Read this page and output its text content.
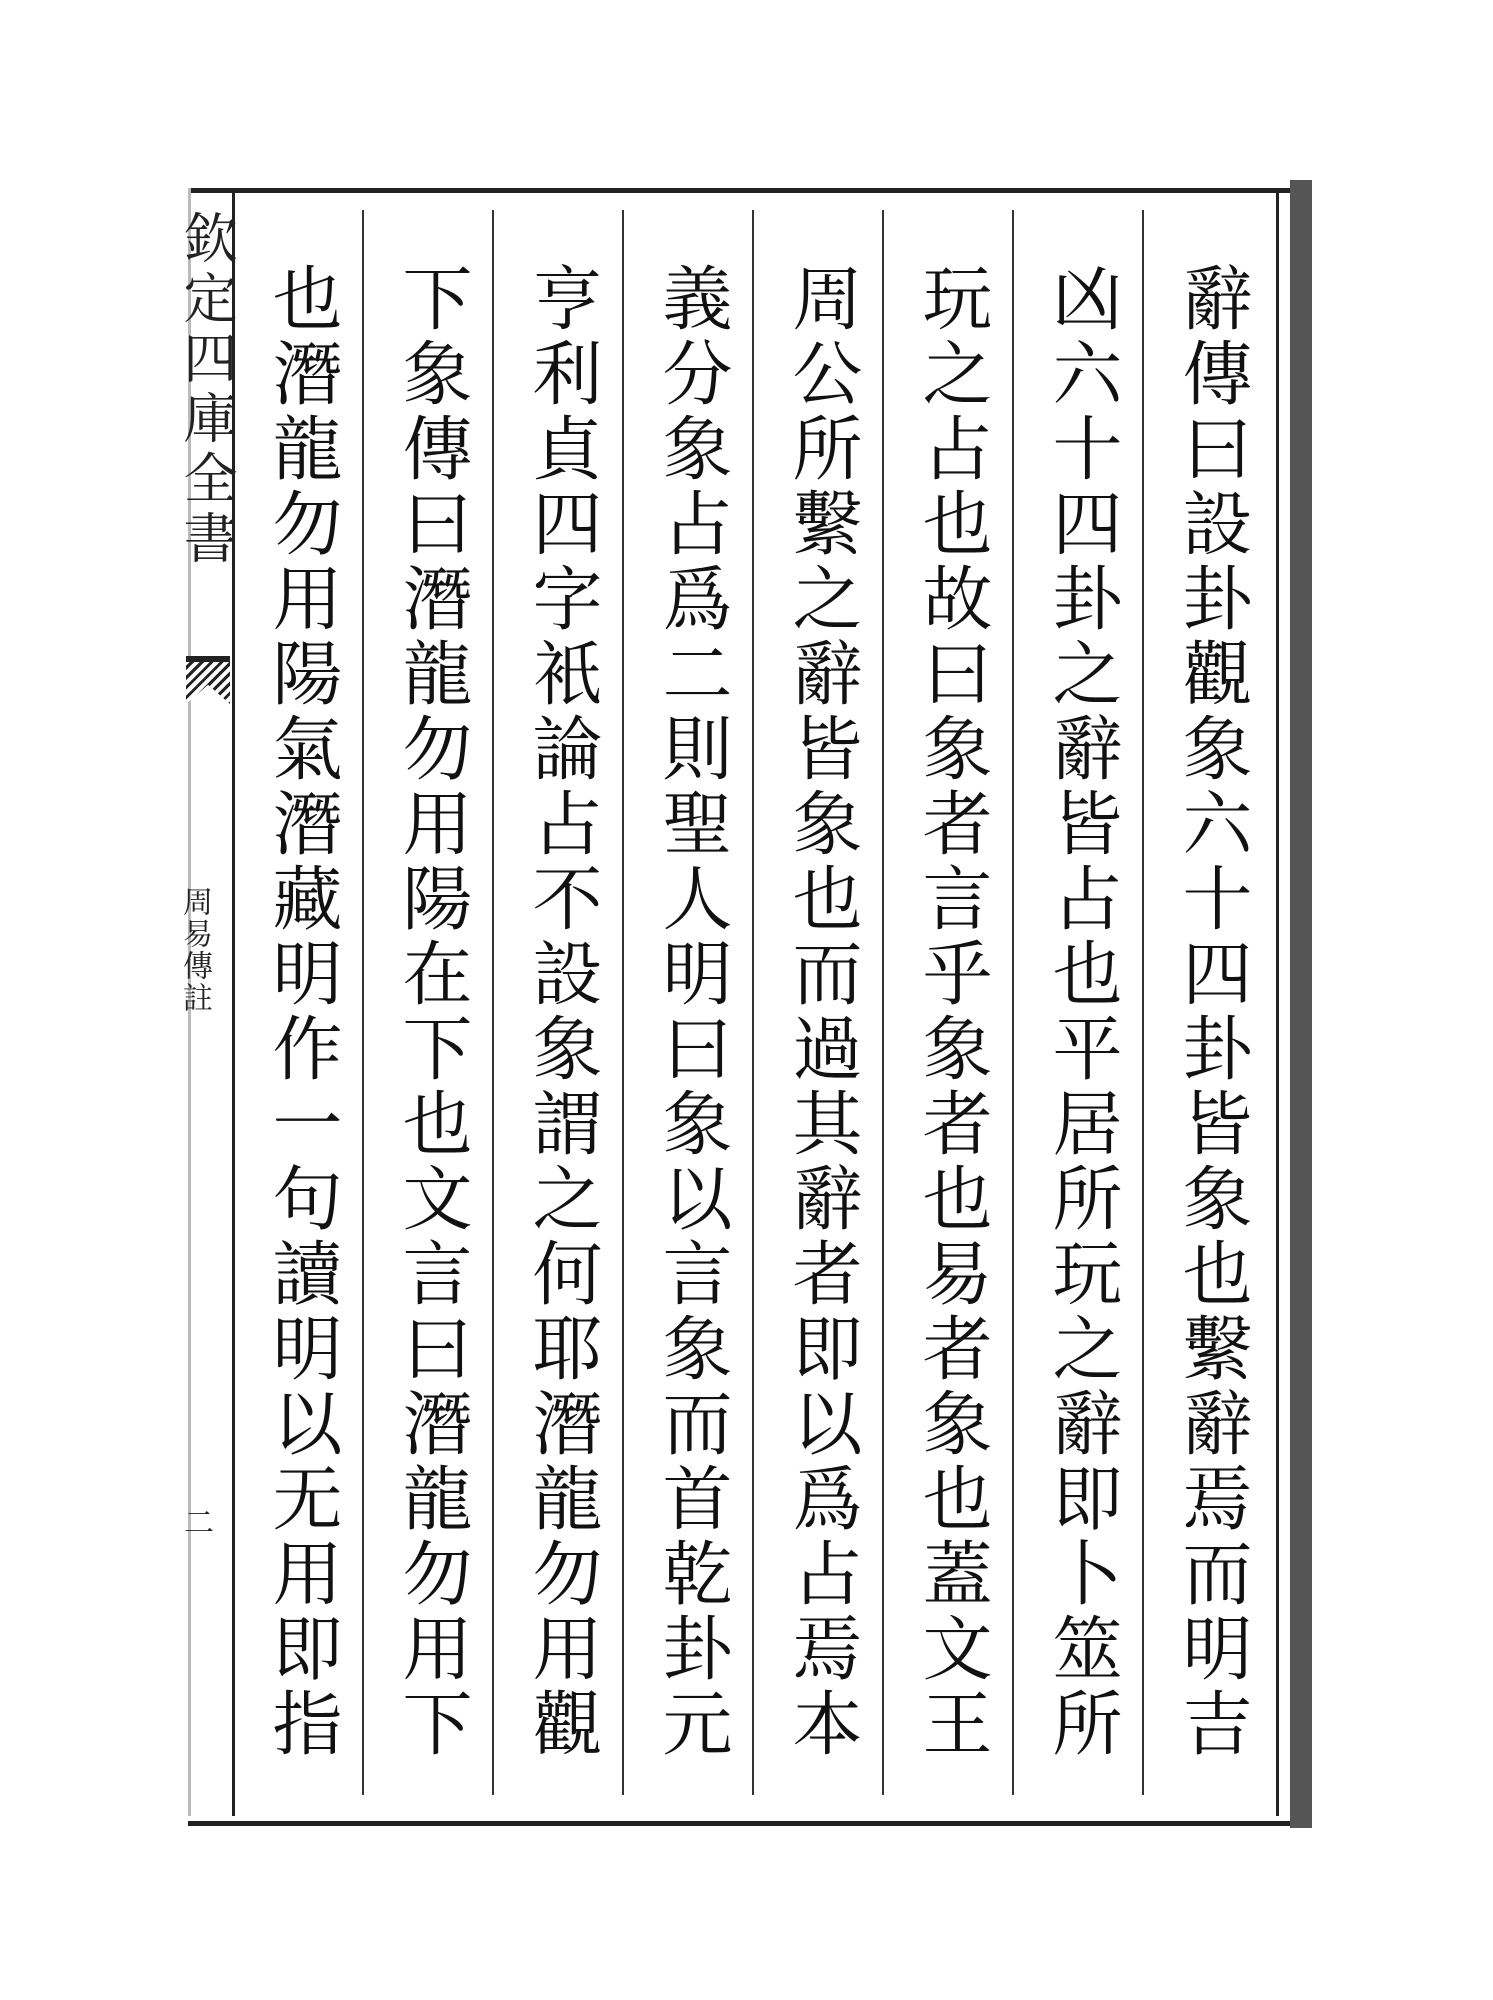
欽定四庫全書
周易傳註
二	辭傳曰設卦觀象六十四卦皆象也繫辭焉而明吉
凶六十四卦之辭皆占也平居所玩之辭即卜筮所
玩之占也故曰象者言乎象者也易者象也蓋文王
周公所繫之辭皆象也而過其辭者即以爲占焉本
義分象占爲二則聖人明曰象以言象而首乾卦元
亨利貞四字衹論占不設象謂之何耶潛龍勿用觀
下象傳曰潛龍勿用陽在下也文言曰潛龍勿用下
也潛龍勿用陽氣潛藏明作一句讀明以无用即指
